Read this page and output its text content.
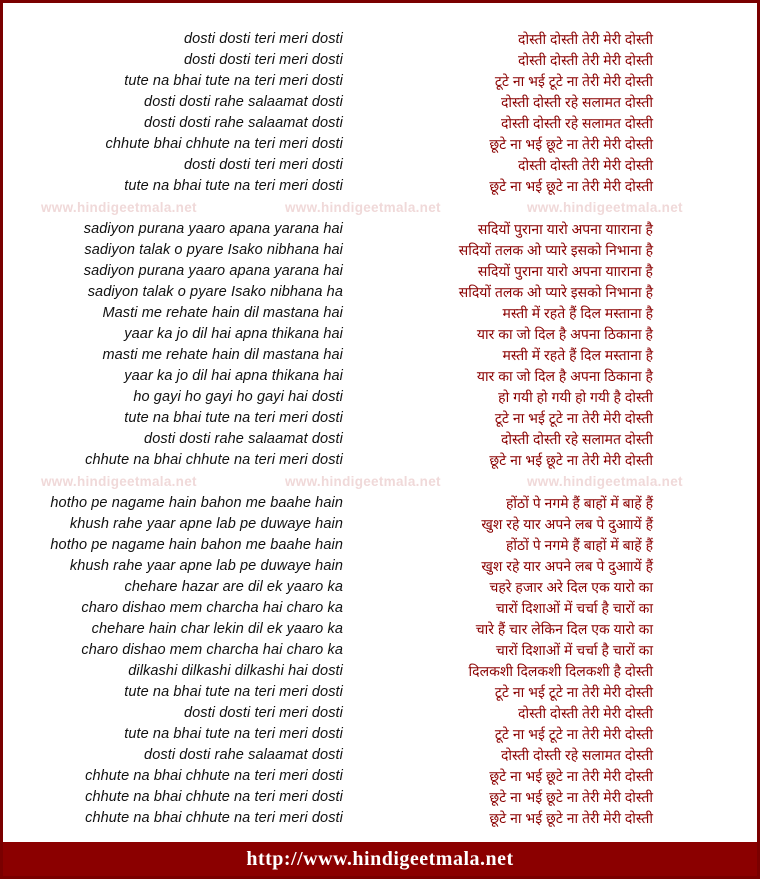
dosti dosti teri meri dosti	दोस्ती दोस्ती तेरी मेरी दोस्ती
dosti dosti teri meri dosti	दोस्ती दोस्ती तेरी मेरी दोस्ती
tute na bhai tute na teri meri dosti	टूटे ना भई टूटे ना तेरी मेरी दोस्ती
dosti dosti rahe salaamat dosti	दोस्ती दोस्ती रहे सलामत दोस्ती
dosti dosti rahe salaamat dosti	दोस्ती दोस्ती रहे सलामत दोस्ती
chhute bhai chhute na teri meri dosti	छूटे ना भई छूटे ना तेरी मेरी दोस्ती
dosti dosti teri meri dosti	दोस्ती दोस्ती तेरी मेरी दोस्ती
tute na bhai tute na teri meri dosti	छूटे ना भई छूटे ना तेरी मेरी दोस्ती
www.hindigeetmala.net	www.hindigeetmala.net	www.hindigeetmala.net
sadiyon purana yaaro apana yarana hai	सदियों पुराना यारो अपना यााराना है
sadiyon talak o pyare Isako nibhana hai	सदियों तलक ओ प्यारे इसको निभाना है
sadiyon purana yaaro apana yarana hai	सदियों पुराना यारो अपना यााराना है
sadiyon talak o pyare Isako nibhana ha	सदियों तलक ओ प्यारे इसको निभाना है
Masti me rehate hain dil mastana hai	मस्ती में रहते हैं दिल मस्ताना है
yaar ka jo dil hai apna thikana hai	यार का जो दिल है अपना ठिकाना है
masti me rehate hain dil mastana hai	मस्ती में रहते हैं दिल मस्ताना है
yaar ka jo dil hai apna thikana hai	यार का जो दिल है अपना ठिकाना है
ho gayi ho gayi ho gayi hai dosti	हो गयी हो गयी हो गयी है दोस्ती
tute na bhai tute na teri meri dosti	टूटे ना भई टूटे ना तेरी मेरी दोस्ती
dosti dosti rahe salaamat dosti	दोस्ती दोस्ती रहे सलामत दोस्ती
chhute na bhai chhute na teri meri dosti	छूटे ना भई छूटे ना तेरी मेरी दोस्ती
www.hindigeetmala.net	www.hindigeetmala.net	www.hindigeetmala.net
hotho pe nagame hain bahon me baahe hain	होंठों पे नगमे हैं बाहों में बाहें हैं
khush rahe yaar apne lab pe duwaye hain	खुश रहे यार अपने लब पे दुआायें हैं
hotho pe nagame hain bahon me baahe hain	होंठों पे नगमे हैं बाहों में बाहें हैं
khush rahe yaar apne lab pe duwaye hain	खुश रहे यार अपने लब पे दुआायें हैं
chehare hazar are dil ek yaaro ka	चहरे हजार अरे दिल एक यारो का
charo dishao mem charcha hai charo ka	चारों दिशाओं में चर्चा है चारों का
chehare hain char lekin dil ek yaaro ka	चारे हैं चार लेकिन दिल एक यारो का
charo dishao mem charcha hai charo ka	चारों दिशाओं में चर्चा है चारों का
dilkashi dilkashi dilkashi hai dosti	दिलकशी दिलकशी दिलकशी है दोस्ती
tute na bhai tute na teri meri dosti	टूटे ना भई टूटे ना तेरी मेरी दोस्ती
dosti dosti teri meri dosti	दोस्ती दोस्ती तेरी मेरी दोस्ती
tute na bhai tute na teri meri dosti	टूटे ना भई टूटे ना तेरी मेरी दोस्ती
dosti dosti rahe salaamat dosti	दोस्ती दोस्ती रहे सलामत दोस्ती
chhute na bhai chhute na teri meri dosti	छूटे ना भई छूटे ना तेरी मेरी दोस्ती
chhute na bhai chhute na teri meri dosti	छूटे ना भई छूटे ना तेरी मेरी दोस्ती
chhute na bhai chhute na teri meri dosti	छूटे ना भई छूटे ना तेरी मेरी दोस्ती
http://www.hindigeetmala.net
